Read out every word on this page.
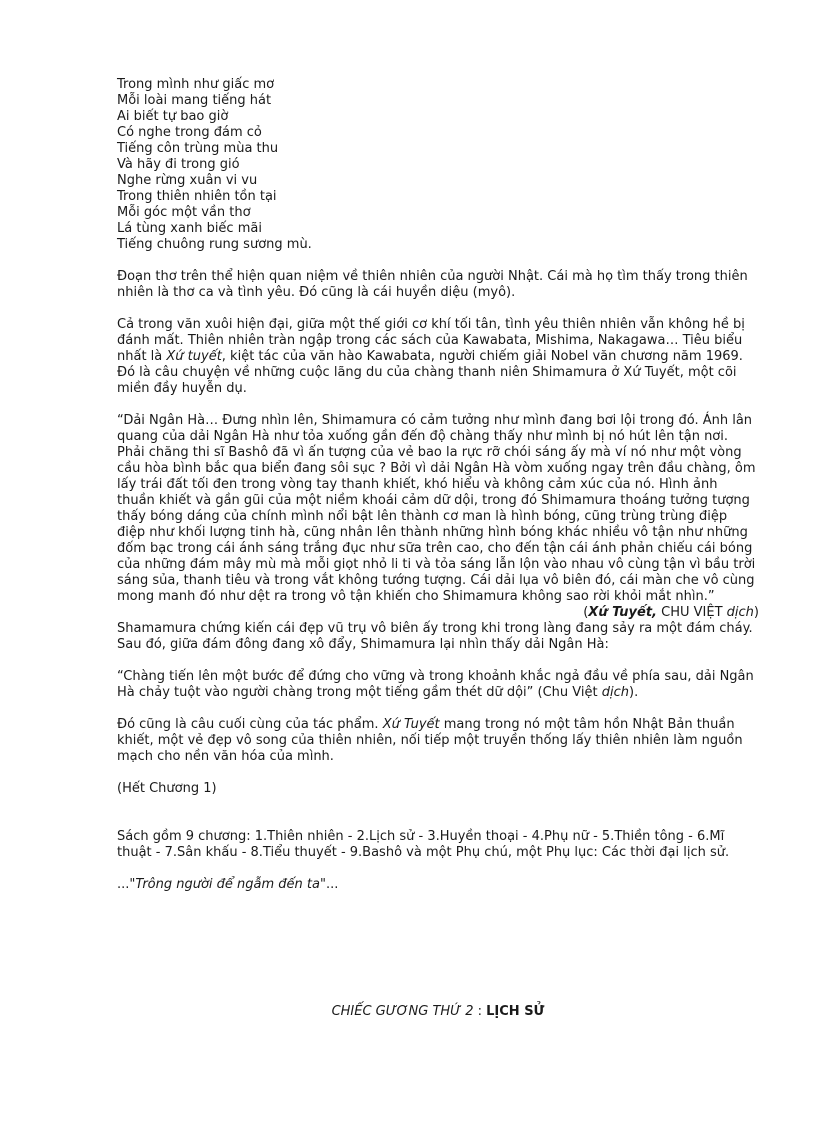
Trong mình như giấc mơ
Mỗi loài mang tiếng hát
Ai biết tự bao giờ
Có nghe trong đám cỏ
Tiếng côn trùng mùa thu
Và hãy đi trong gió
Nghe rừng xuân vi vu
Trong thiên nhiên tồn tại
Mỗi góc một vần thơ
Lá tùng xanh biếc mãi
Tiếng chuông rung sương mù.

Đoạn thơ trên thể hiện quan niệm về thiên nhiên của người Nhật. Cái mà họ tìm thấy trong thiên nhiên là thơ ca và tình yêu. Đó cũng là cái huyền diệu (myô).

Cả trong văn xuôi hiện đại, giữa một thế giới cơ khí tối tân, tình yêu thiên nhiên vẫn không hề bị đánh mất. Thiên nhiên tràn ngập trong các sách của Kawabata, Mishima, Nakagawa… Tiêu biểu nhất là Xứ tuyết, kiệt tác của văn hào Kawabata, người chiếm giải Nobel văn chương năm 1969. Đó là câu chuyện về những cuộc lãng du của chàng thanh niên Shimamura ở Xứ Tuyết, một cõi miền đầy huyễn dụ.

“Dải Ngân Hà… Đưng nhìn lên, Shimamura có cảm tưởng như mình đang bơi lội trong đó. Ánh lân quang của dải Ngân Hà như tỏa xuống gần đến độ chàng thấy như mình bị nó hút lên tận nơi. Phải chăng thi sĩ Bashô đã vì ấn tượng của vẻ bao la rực rỡ chói sáng ấy mà ví nó như một vòng cầu hòa bình bắc qua biển đang sôi sục ? Bởi vì dải Ngân Hà vòm xuống ngay trên đầu chàng, ôm lấy trái đất tối đen trong vòng tay thanh khiết, khó hiểu và không cảm xúc của nó. Hình ảnh thuần khiết và gần gũi của một niềm khoái cảm dữ dội, trong đó Shimamura thoáng tưởng tượng thấy bóng dáng của chính mình nổi bật lên thành cơ man là hình bóng, cũng trùng trùng điệp điệp như khối lượng tinh hà, cũng nhân lên thành những hình bóng khác nhiều vô tận như những đốm bạc trong cái ánh sáng trắng đục như sữa trên cao, cho đến tận cái ánh phản chiếu cái bóng của những đám mây mù mà mỗi giọt nhỏ li ti và tỏa sáng lẫn lộn vào nhau vô cùng tận vì bầu trời sáng sủa, thanh tiêu và trong vắt không tướng tượng. Cái dải lụa vô biên đó, cái màn che vô cùng mong manh đó như dệt ra trong vô tận khiến cho Shimamura không sao rời khỏi mắt nhìn.”

(Xứ Tuyết, CHU VIỆT dịch)

Shamamura chứng kiến cái đẹp vũ trụ vô biên ấy trong khi trong làng đang sảy ra một đám cháy. Sau đó, giữa đám đông đang xô đẩy, Shimamura lại nhìn thấy dải Ngân Hà:

“Chàng tiến lên một bước để đứng cho vững và trong khoảnh khắc ngả đầu về phía sau, dải Ngân Hà chảy tuột vào người chàng trong một tiếng gầm thét dữ dội” (Chu Việt dịch).

Đó cũng là câu cuối cùng của tác phẩm. Xứ Tuyết mang trong nó một tâm hồn Nhật Bản thuần khiết, một vẻ đẹp vô song của thiên nhiên, nối tiếp một truyền thống lấy thiên nhiên làm nguồn mạch cho nền văn hóa của mình.

(Hết Chương 1)

Sách gồm 9 chương: 1.Thiên nhiên - 2.Lịch sử - 3.Huyền thoại - 4.Phụ nữ - 5.Thiền tông - 6.Mĩ thuật - 7.Sân khấu - 8.Tiểu thuyết - 9.Bashô và một Phụ chú, một Phụ lục: Các thời đại lịch sử.

..."Trông người để ngẫm đến ta"...

CHIẾC GƯƠNG THỨ 2 : LỊCH SỬ
